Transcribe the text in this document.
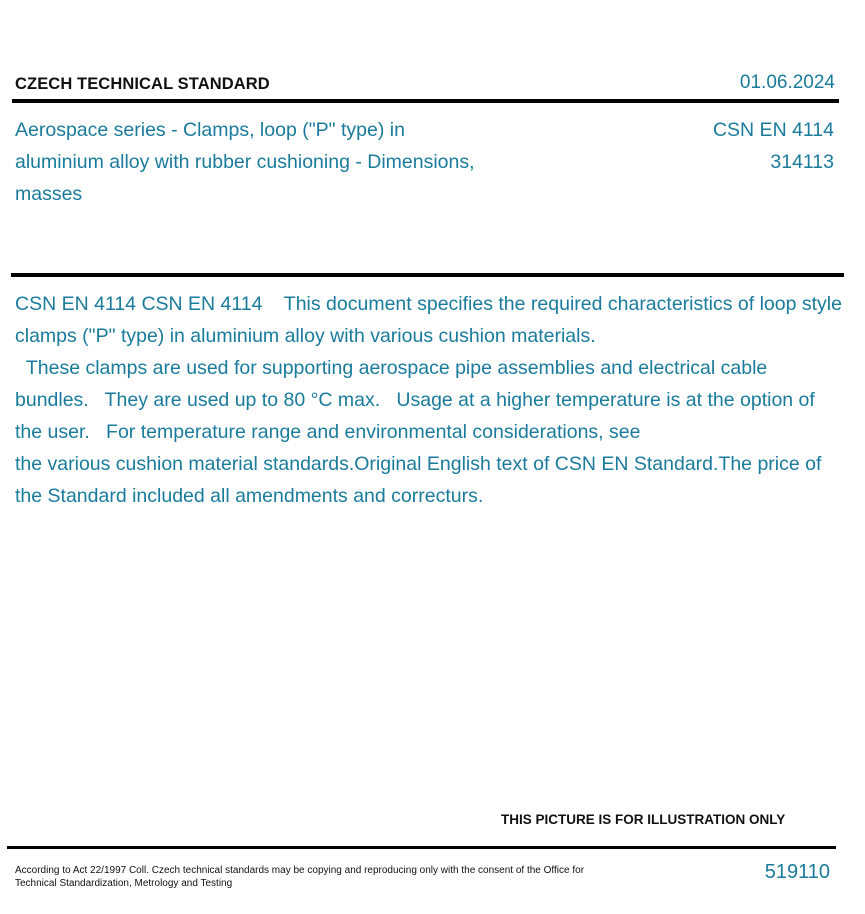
CZECH TECHNICAL STANDARD	01.06.2024
Aerospace series - Clamps, loop ("P" type) in aluminium alloy with rubber cushioning - Dimensions, masses
CSN EN 4114
314113
CSN EN 4114 CSN EN 4114    This document specifies the required characteristics of loop style clamps ("P" type) in aluminium alloy with various cushion materials.
These clamps are used for supporting aerospace pipe assemblies and electrical cable bundles.   They are used up to 80 °C max.   Usage at a higher temperature is at the option of the user.   For temperature range and environmental considerations, see
the various cushion material standards.Original English text of CSN EN Standard.The price of the Standard included all amendments and correcturs.
THIS PICTURE IS FOR ILLUSTRATION ONLY
According to Act 22/1997 Coll. Czech technical standards may be copying and reproducing only with the consent of the Office for Technical Standardization, Metrology and Testing
519110
